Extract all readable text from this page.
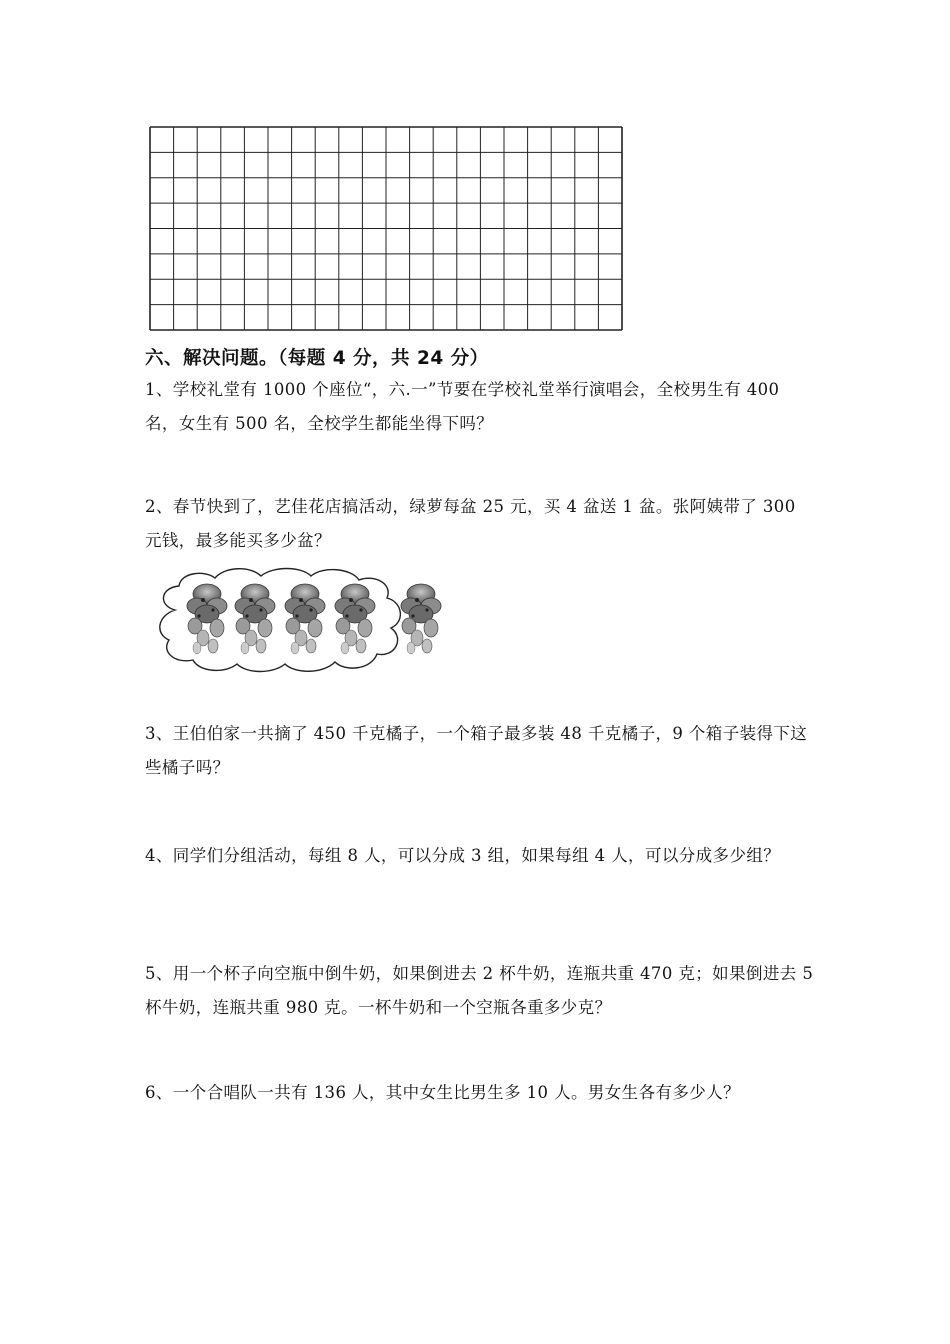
六、解决问题。（每题 4 分，共 24 分）
1、学校礼堂有 1000 个座位“，六.一”节要在学校礼堂举行演唱会，全校男生有 400 名，女生有 500 名，全校学生都能坐得下吗？
2、春节快到了，艺佳花店搞活动，绿萝每盆 25 元，买 4 盆送 1 盆。张阿姨带了 300 元钱，最多能买多少盆？
3、王伯伯家一共摘了 450 千克橘子，一个箱子最多装 48 千克橘子，9 个箱子装得下这些橘子吗？
4、同学们分组活动，每组 8 人，可以分成 3 组，如果每组 4 人，可以分成多少组？
5、用一个杯子向空瓶中倒牛奶，如果倒进去 2 杯牛奶，连瓶共重 470 克；如果倒进去 5 杯牛奶，连瓶共重 980 克。一杯牛奶和一个空瓶各重多少克？
6、一个合唱队一共有 136 人，其中女生比男生多 10 人。男女生各有多少人？
